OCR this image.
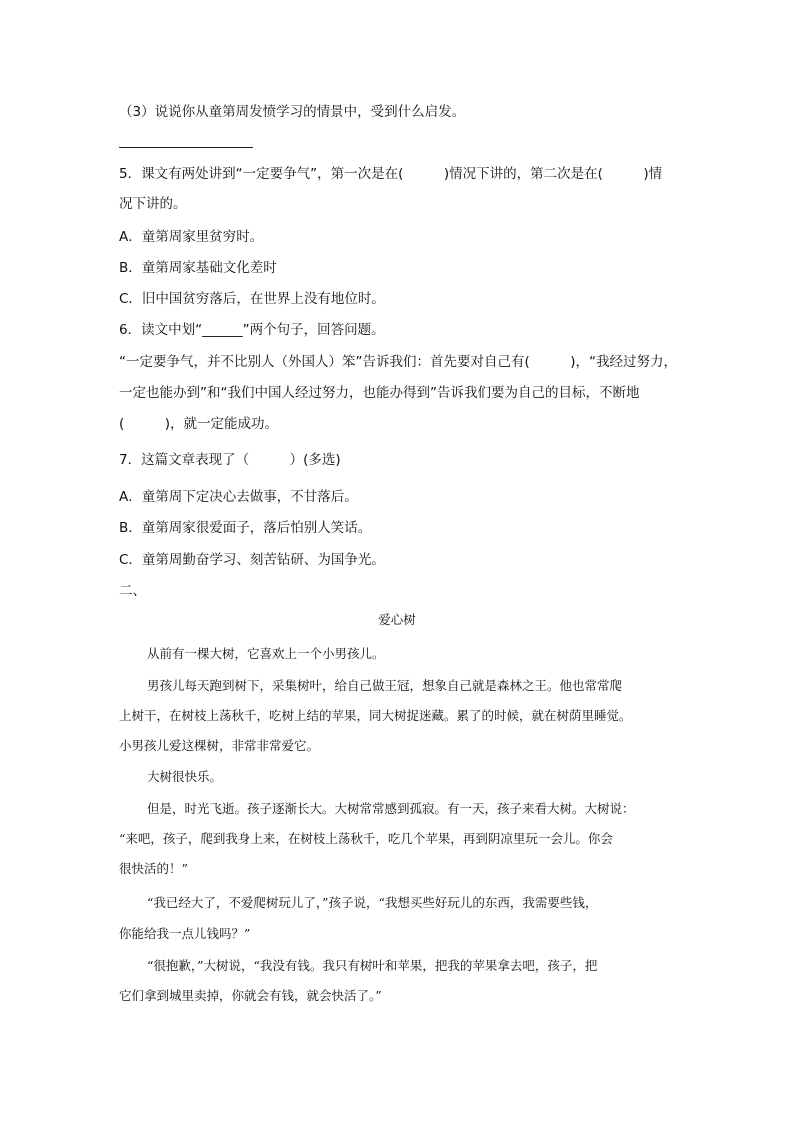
（3）说说你从童第周发愤学习的情景中，受到什么启发。
5．课文有两处讲到“一定要争气”，第一次是在(　　　)情况下讲的，第二次是在(　　　)情
况下讲的。
A．童第周家里贫穷时。
B．童第周家基础文化差时
C．旧中国贫穷落后，在世界上没有地位时。
6．读文中划“______”两个句子，回答问题。
“一定要争气，并不比别人（外国人）笨”告诉我们：首先要对自己有(　　　)，“我经过努力，
一定也能办到”和“我们中国人经过努力，也能办得到”告诉我们要为自己的目标，不断地
(　　　)，就一定能成功。
7．这篇文章表现了（　　　）(多选)
A．童第周下定决心去做事，不甘落后。
B．童第周家很爱面子，落后怕别人笑话。
C．童第周勤奋学习、刻苦钻研、为国争光。
二、
爱心树
从前有一棵大树，它喜欢上一个小男孩儿。
男孩儿每天跑到树下，采集树叶，给自己做王冠，想象自己就是森林之王。他也常常爬
上树干，在树枝上荡秋千，吃树上结的苹果，同大树捉迷藏。累了的时候，就在树荫里睡觉。
小男孩儿爱这棵树，非常非常爱它。
大树很快乐。
但是，时光飞逝。孩子逐渐长大。大树常常感到孤寂。有一天，孩子来看大树。大树说：
“来吧，孩子，爬到我身上来，在树枝上荡秋千，吃几个苹果，再到阴凉里玩一会儿。你会
很快活的！”
“我已经大了，不爱爬树玩儿了，”孩子说，“我想买些好玩儿的东西，我需要些钱，
你能给我一点儿钱吗？”
“很抱歉，”大树说，“我没有钱。我只有树叶和苹果，把我的苹果拿去吧，孩子，把
它们拿到城里卖掉，你就会有钱，就会快活了。”
